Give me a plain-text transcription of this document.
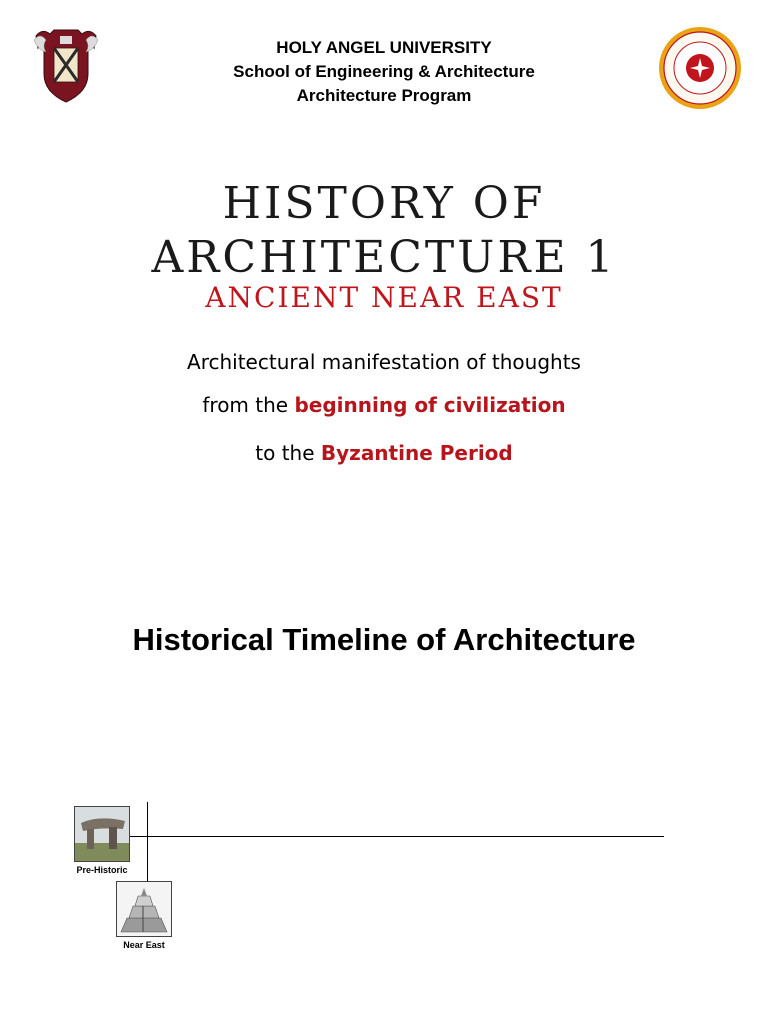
HOLY ANGEL UNIVERSITY
School of Engineering & Architecture
Architecture Program
HISTORY OF
ARCHITECTURE 1
ANCIENT NEAR EAST
Architectural manifestation of thoughts
from the beginning of civilization
to the Byzantine Period
Historical Timeline of Architecture
Pre-Historic
Near East
